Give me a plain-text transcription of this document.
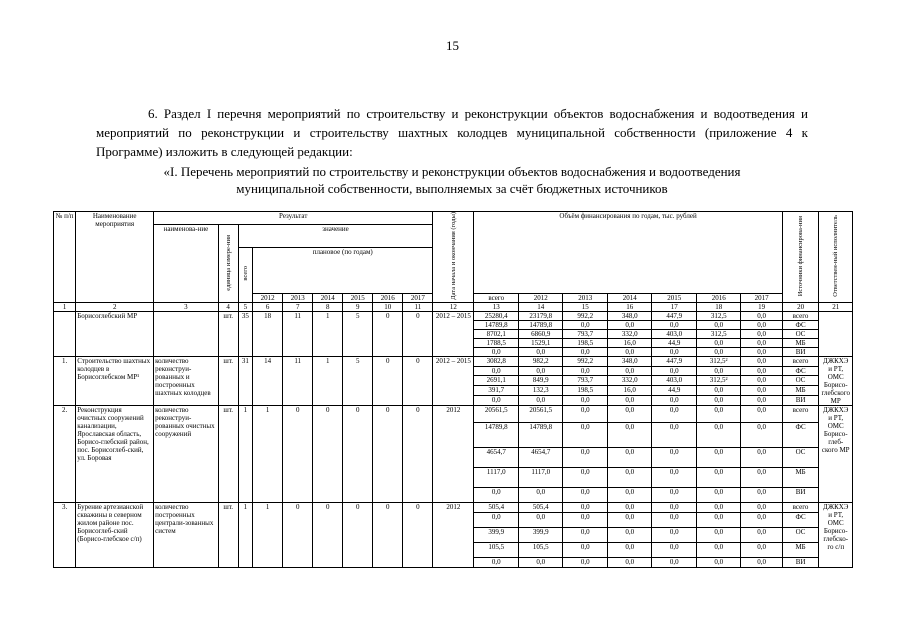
15
6. Раздел I перечня мероприятий по строительству и реконструкции объектов водоснабжения и водоотведения и мероприятий по реконструкции и строительству шахтных колодцев муниципальной собственности (приложение 4 к Программе) изложить в следующей редакции:
«I. Перечень мероприятий по строительству и реконструкции объектов водоснабжения и водоотведения
муниципальной собственности, выполняемых за счёт бюджетных источников
№ п/п	Наименование мероприятия	Результат									Дата начала и окончания (годы)	Объём финансирования по годам, тыс. рублей							Источники финансирова-ния	Ответствен-ный исполнитель
		наименова-ние	единица измере-ния	значение																
				всего	плановое (по годам)															
					2012	2013	2014	2015	2016	2017		всего	2012	2013	2014	2015	2016	2017		
1	2	3	4	5	6	7	8	9	10	11	12	13	14	15	16	17	18	19	20	21
	Борисоглебский МР		шт.	35	18	11	1	5	0	0	2012 – 2015	25280,4	23179,8	992,2	348,0	447,9	312,5	0,0	всего	
												14789,8	14789,8	0,0	0,0	0,0	0,0	0,0	ФС	
												8702,1	6860,9	793,7	332,0	403,0	312,5	0,0	ОС	
												1788,5	1529,1	198,5	16,0	44,9	0,0	0,0	МБ	
												0,0	0,0	0,0	0,0	0,0	0,0	0,0	ВИ	
1.	Строительство шахтных колодцев в Борисоглебском МР¹	количество реконструи-рованных и построенных шахтных колодцев	шт.	31	14	11	1	5	0	0	2012 – 2015	3082,8	982,2	992,2	348,0	447,9	312,5²	0,0	всего	ДЖКХЭ и РТ, ОМС Борисо-глебского МР
												0,0	0,0	0,0	0,0	0,0	0,0	0,0	ФС	
												2691,1	849,9	793,7	332,0	403,0	312,5²	0,0	ОС	
												391,7	132,3	198,5	16,0	44,9	0,0	0,0	МБ	
												0,0	0,0	0,0	0,0	0,0	0,0	0,0	ВИ	
2.	Реконструкция очистных сооружений канализации, Ярославская область, Борисо-глебский район, пос. Борисоглеб-ский, ул. Боровая	количество реконструи-рованных очистных сооружений	шт.	1	1	0	0	0	0	0	2012	20561,5	20561,5	0,0	0,0	0,0	0,0	0,0	всего	ДЖКХЭ и РТ, ОМС Борисо-глеб-ского МР
												14789,8	14789,8	0,0	0,0	0,0	0,0	0,0	ФС	
												4654,7	4654,7	0,0	0,0	0,0	0,0	0,0	ОС	
												1117,0	1117,0	0,0	0,0	0,0	0,0	0,0	МБ	
												0,0	0,0	0,0	0,0	0,0	0,0	0,0	ВИ	
3.	Бурение артезианской скважины в северном жилом районе пос. Борисоглеб-ский (Борисо-глебское с/п)	количество построенных централи-зованных систем	шт.	1	1	0	0	0	0	0	2012	505,4	505,4	0,0	0,0	0,0	0,0	0,0	всего	ДЖКХЭ и РТ, ОМС Борисо-глебско-го с/п
												0,0	0,0	0,0	0,0	0,0	0,0	0,0	ФС	
												399,9	399,9	0,0	0,0	0,0	0,0	0,0	ОС	
												105,5	105,5	0,0	0,0	0,0	0,0	0,0	МБ	
												0,0	0,0	0,0	0,0	0,0	0,0	0,0	ВИ	
